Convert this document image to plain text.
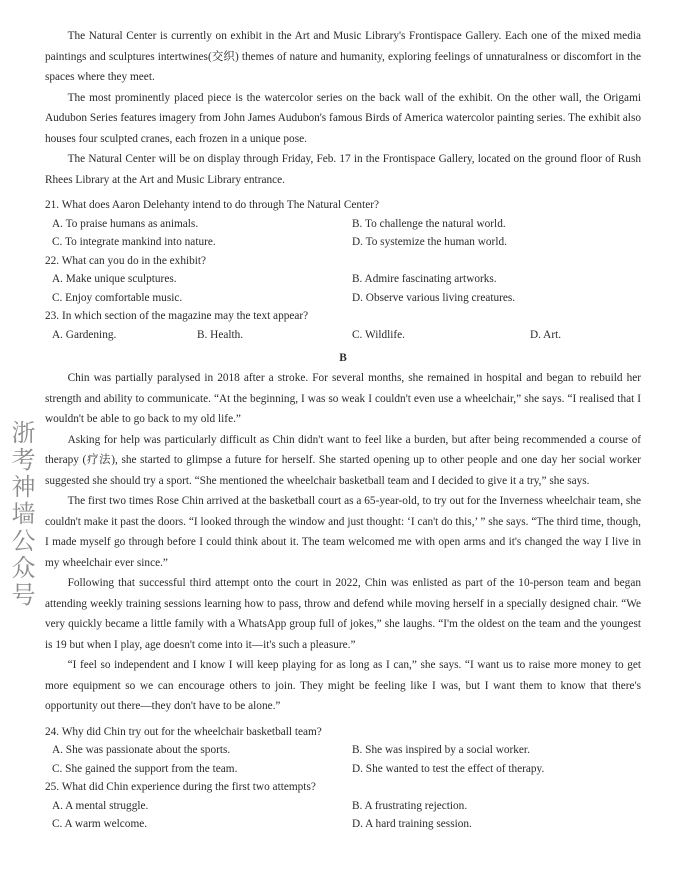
The Natural Center is currently on exhibit in the Art and Music Library's Frontispace Gallery. Each one of the mixed media paintings and sculptures intertwines(交织) themes of nature and humanity, exploring feelings of unnaturalness or discomfort in the spaces where they meet.

The most prominently placed piece is the watercolor series on the back wall of the exhibit. On the other wall, the Origami Audubon Series features imagery from John James Audubon's famous Birds of America watercolor painting series. The exhibit also houses four sculpted cranes, each frozen in a unique pose.

The Natural Center will be on display through Friday, Feb. 17 in the Frontispace Gallery, located on the ground floor of Rush Rhees Library at the Art and Music Library entrance.

21. What does Aaron Delehanty intend to do through The Natural Center?
A. To praise humans as animals.	B. To challenge the natural world.
C. To integrate mankind into nature.	D. To systemize the human world.
22. What can you do in the exhibit?
A. Make unique sculptures.	B. Admire fascinating artworks.
C. Enjoy comfortable music.	D. Observe various living creatures.
23. In which section of the magazine may the text appear?
A. Gardening.	B. Health.	C. Wildlife.	D. Art.
B

Chin was partially paralysed in 2018 after a stroke. For several months, she remained in hospital and began to rebuild her strength and ability to communicate. “At the beginning, I was so weak I couldn't even use a wheelchair,” she says. “I realised that I wouldn't be able to go back to my old life.”

Asking for help was particularly difficult as Chin didn't want to feel like a burden, but after being recommended a course of therapy (疗法), she started to glimpse a future for herself. She started opening up to other people and one day her social worker suggested she should try a sport. “She mentioned the wheelchair basketball team and I decided to give it a try,” she says.

The first two times Rose Chin arrived at the basketball court as a 65-year-old, to try out for the Inverness wheelchair team, she couldn't make it past the doors. “I looked through the window and just thought: ‘I can't do this,’ ” she says. “The third time, though, I made myself go through before I could think about it. The team welcomed me with open arms and it's changed the way I live in my wheelchair ever since.”

Following that successful third attempt onto the court in 2022, Chin was enlisted as part of the 10-person team and began attending weekly training sessions learning how to pass, throw and defend while moving herself in a specially designed chair. “We very quickly became a little family with a WhatsApp group full of jokes,” she laughs. “I'm the oldest on the team and the youngest is 19 but when I play, age doesn't come into it—it's such a pleasure.”

“I feel so independent and I know I will keep playing for as long as I can,” she says. “I want us to raise more money to get more equipment so we can encourage others to join. They might be feeling like I was, but I want them to know that there's opportunity out there—they don't have to be alone.”

24. Why did Chin try out for the wheelchair basketball team?
A. She was passionate about the sports.	B. She was inspired by a social worker.
C. She gained the support from the team.	D. She wanted to test the effect of therapy.
25. What did Chin experience during the first two attempts?
A. A mental struggle.	B. A frustrating rejection.
C. A warm welcome.	D. A hard training session.
浙考神墙公众号
